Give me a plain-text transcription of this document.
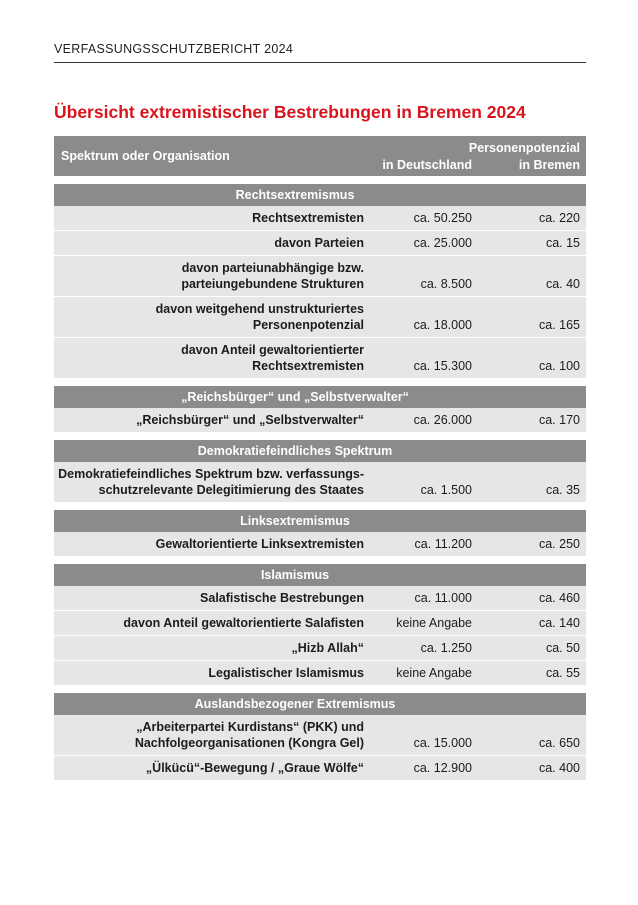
VERFASSUNGSSCHUTZBERICHT 2024
Übersicht extremistischer Bestrebungen in Bremen 2024
Spektrum oder Organisation
Personenpotenzial
in Deutschland	in Bremen
Rechtsextremismus
Rechtsextremisten	ca. 50.250	ca. 220
davon Parteien	ca. 25.000	ca. 15
davon parteiunabhängige bzw.
parteiungebundene Strukturen	ca. 8.500	ca. 40
davon weitgehend unstrukturiertes
Personenpotenzial	ca. 18.000	ca. 165
davon Anteil gewaltorientierter
Rechtsextremisten	ca. 15.300	ca. 100
„Reichsbürger“ und „Selbstverwalter“
„Reichsbürger“ und „Selbstverwalter“	ca. 26.000	ca. 170
Demokratiefeindliches Spektrum
Demokratiefeindliches Spektrum bzw. verfassungs-
schutzrelevante Delegitimierung des Staates	ca. 1.500	ca. 35
Linksextremismus
Gewaltorientierte Linksextremisten	ca. 11.200	ca. 250
Islamismus
Salafistische Bestrebungen	ca. 11.000	ca. 460
davon Anteil gewaltorientierte Salafisten	keine Angabe	ca. 140
„Hizb Allah“	ca. 1.250	ca. 50
Legalistischer Islamismus	keine Angabe	ca. 55
Auslandsbezogener Extremismus
„Arbeiterpartei Kurdistans“ (PKK) und
Nachfolgeorganisationen (Kongra Gel)	ca. 15.000	ca. 650
„Ülkücü“-Bewegung / „Graue Wölfe“	ca. 12.900	ca. 400
